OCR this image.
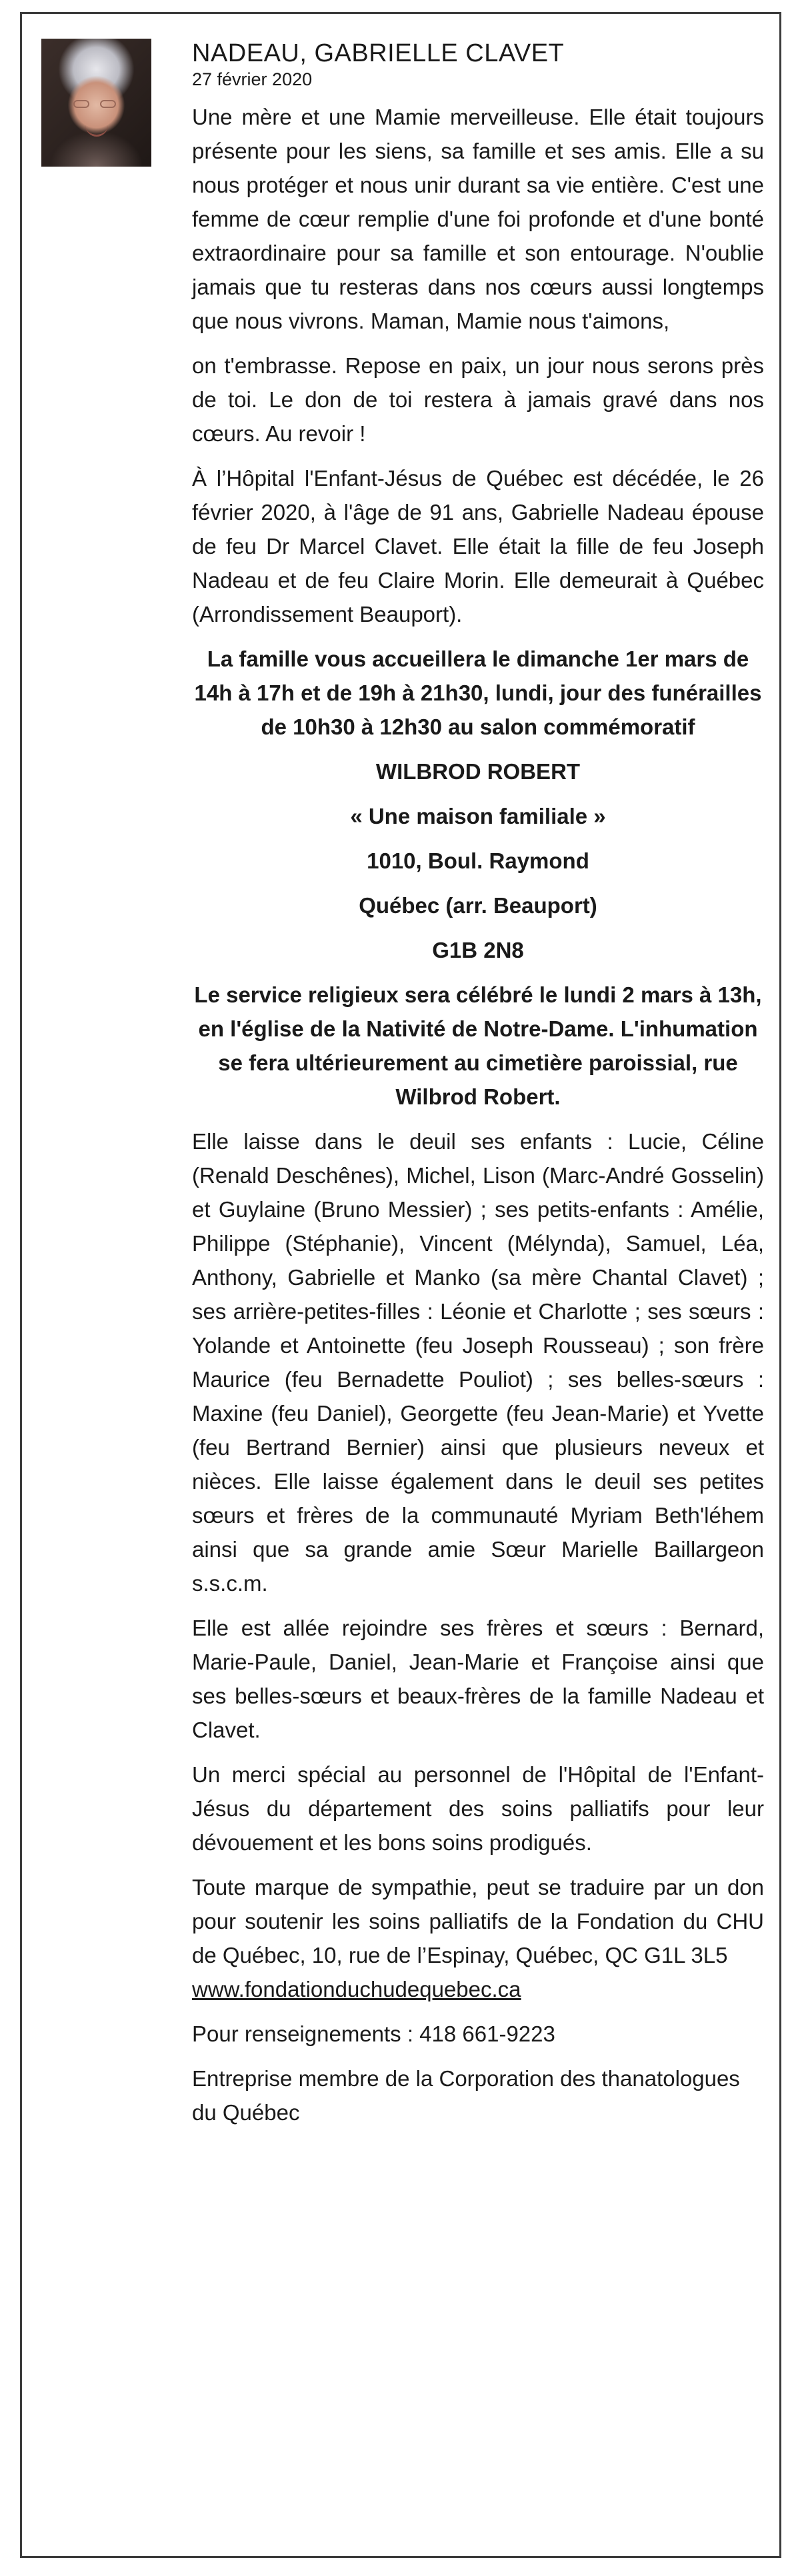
NADEAU, GABRIELLE CLAVET
27 février 2020

Une mère et une Mamie merveilleuse. Elle était toujours présente pour les siens, sa famille et ses amis. Elle a su nous protéger et nous unir durant sa vie entière. C'est une femme de cœur remplie d'une foi profonde et d'une bonté extraordinaire pour sa famille et son entourage. N'oublie jamais que tu resteras dans nos cœurs aussi longtemps que nous vivrons. Maman, Mamie nous t'aimons,

on t'embrasse. Repose en paix, un jour nous serons près de toi. Le don de toi restera à jamais gravé dans nos cœurs. Au revoir !

À l’Hôpital l'Enfant-Jésus de Québec est décédée, le 26 février 2020, à l'âge de 91 ans, Gabrielle Nadeau épouse de feu Dr Marcel Clavet. Elle était la fille de feu Joseph Nadeau et de feu Claire Morin. Elle demeurait à Québec (Arrondissement Beauport).

La famille vous accueillera le dimanche 1er mars de 14h à 17h et de 19h à 21h30, lundi, jour des funérailles de 10h30 à 12h30 au salon commémoratif

WILBROD ROBERT

« Une maison familiale »

1010, Boul. Raymond

Québec (arr. Beauport)

G1B 2N8

Le service religieux sera célébré le lundi 2 mars à 13h, en l'église de la Nativité de Notre-Dame. L'inhumation se fera ultérieurement au cimetière paroissial, rue Wilbrod Robert.

Elle laisse dans le deuil ses enfants : Lucie, Céline (Renald Deschênes), Michel, Lison (Marc-André Gosselin) et Guylaine (Bruno Messier) ; ses petits-enfants : Amélie, Philippe (Stéphanie), Vincent (Mélynda), Samuel, Léa, Anthony, Gabrielle et Manko (sa mère Chantal Clavet) ; ses arrière-petites-filles : Léonie et Charlotte ; ses sœurs : Yolande et Antoinette (feu Joseph Rousseau) ; son frère Maurice (feu Bernadette Pouliot) ; ses belles-sœurs : Maxine (feu Daniel), Georgette (feu Jean-Marie) et Yvette (feu Bertrand Bernier) ainsi que plusieurs neveux et nièces. Elle laisse également dans le deuil ses petites sœurs et frères de la communauté Myriam Beth'léhem ainsi que sa grande amie Sœur Marielle Baillargeon s.s.c.m.

Elle est allée rejoindre ses frères et sœurs : Bernard, Marie-Paule, Daniel, Jean-Marie et Françoise ainsi que ses belles-sœurs et beaux-frères de la famille Nadeau et Clavet.

Un merci spécial au personnel de l'Hôpital de l'Enfant-Jésus du département des soins palliatifs pour leur dévouement et les bons soins prodigués.

Toute marque de sympathie, peut se traduire par un don pour soutenir les soins palliatifs de la Fondation du CHU de Québec, 10, rue de l’Espinay, Québec, QC G1L 3L5
www.fondationduchudequebec.ca

Pour renseignements : 418 661-9223

Entreprise membre de la Corporation des thanatologues du Québec
